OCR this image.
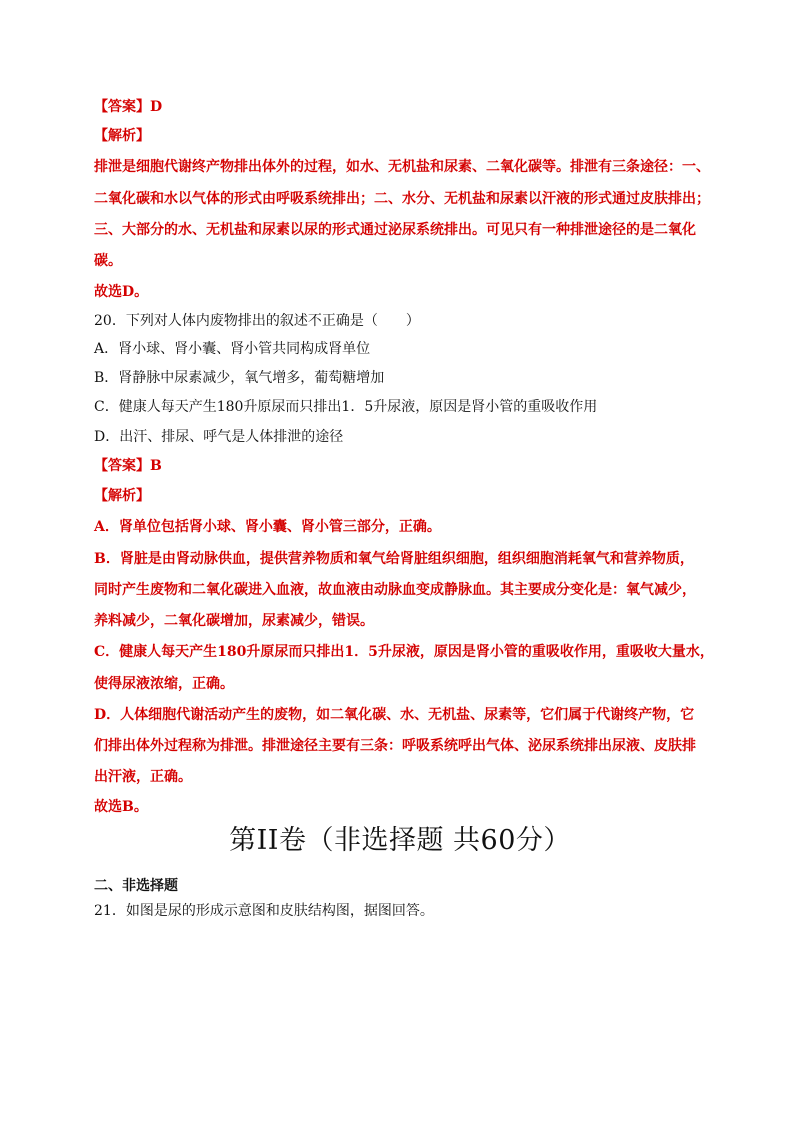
【答案】D
【解析】
排泄是细胞代谢终产物排出体外的过程，如水、无机盐和尿素、二氧化碳等。排泄有三条途径：一、
二氧化碳和水以气体的形式由呼吸系统排出；二、水分、无机盐和尿素以汗液的形式通过皮肤排出；
三、大部分的水、无机盐和尿素以尿的形式通过泌尿系统排出。可见只有一种排泄途径的是二氧化
碳。
故选D。
20．下列对人体内废物排出的叙述不正确是（　　）
A．肾小球、肾小囊、肾小管共同构成肾单位
B．肾静脉中尿素减少，氧气增多，葡萄糖增加
C．健康人每天产生180升原尿而只排出1．5升尿液，原因是肾小管的重吸收作用
D．出汗、排尿、呼气是人体排泄的途径
【答案】B
【解析】
A．肾单位包括肾小球、肾小囊、肾小管三部分，正确。
B．肾脏是由肾动脉供血，提供营养物质和氧气给肾脏组织细胞，组织细胞消耗氧气和营养物质，
同时产生废物和二氧化碳进入血液，故血液由动脉血变成静脉血。其主要成分变化是：氧气减少，
养料减少，二氧化碳增加，尿素减少，错误。
C．健康人每天产生180升原尿而只排出1．5升尿液，原因是肾小管的重吸收作用，重吸收大量水，
使得尿液浓缩，正确。
D．人体细胞代谢活动产生的废物，如二氧化碳、水、无机盐、尿素等，它们属于代谢终产物，它
们排出体外过程称为排泄。排泄途径主要有三条：呼吸系统呼出气体、泌尿系统排出尿液、皮肤排
出汗液，正确。
故选B。
第II卷（非选择题 共60分）
二、非选择题
21．如图是尿的形成示意图和皮肤结构图，据图回答。
